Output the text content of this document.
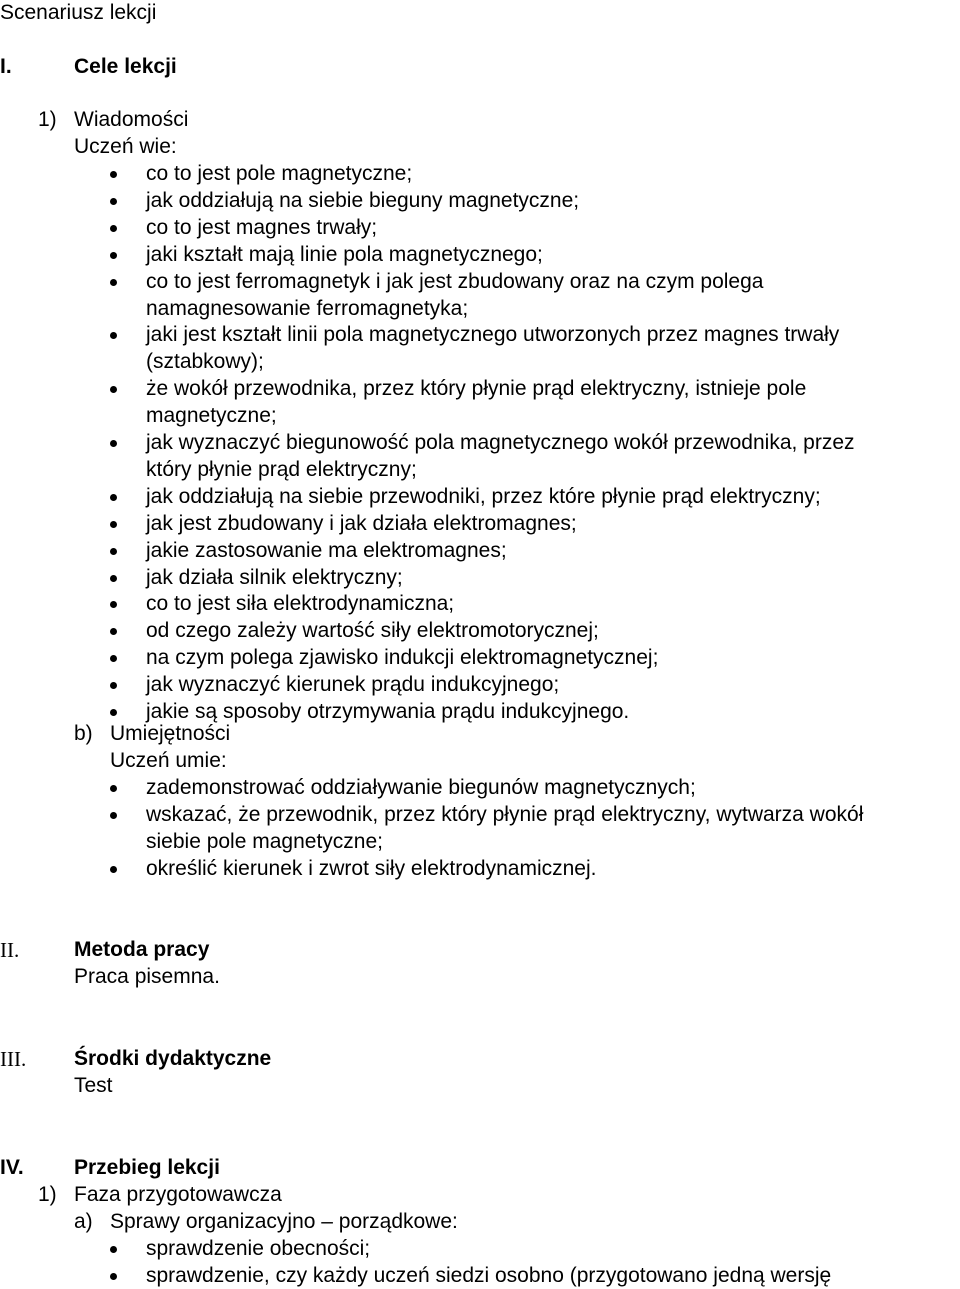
Scenariusz lekcji
I.	Cele lekcji
1) Wiadomości
Uczeń wie:
co to jest pole magnetyczne;
jak oddziałują na siebie bieguny magnetyczne;
co to jest magnes trwały;
jaki kształt mają linie pola magnetycznego;
co to jest ferromagnetyk i jak jest zbudowany oraz na czym polega
namagnesowanie ferromagnetyka;
jaki jest kształt linii pola magnetycznego utworzonych przez magnes trwały
(sztabkowy);
że wokół przewodnika, przez który płynie prąd elektryczny, istnieje pole
magnetyczne;
jak wyznaczyć biegunowość pola magnetycznego wokół przewodnika, przez
który płynie prąd elektryczny;
jak oddziałują na siebie przewodniki, przez które płynie prąd elektryczny;
jak jest zbudowany i jak działa elektromagnes;
jakie zastosowanie ma elektromagnes;
jak działa silnik elektryczny;
co to jest siła elektrodynamiczna;
od czego zależy wartość siły elektromotorycznej;
na czym polega zjawisko indukcji elektromagnetycznej;
jak wyznaczyć kierunek prądu indukcyjnego;
jakie są sposoby otrzymywania prądu indukcyjnego.
b) Umiejętności
Uczeń umie:
zademonstrować oddziaływanie biegunów magnetycznych;
wskazać, że przewodnik, przez który płynie prąd elektryczny, wytwarza wokół
siebie pole magnetyczne;
określić kierunek i zwrot siły elektrodynamicznej.
II.	Metoda pracy
Praca pisemna.
III. Środki dydaktyczne
Test
IV. Przebieg lekcji
1) Faza przygotowawcza
a) Sprawy organizacyjno – porządkowe:
sprawdzenie obecności;
sprawdzenie, czy każdy uczeń siedzi osobno (przygotowano jedną wersję
